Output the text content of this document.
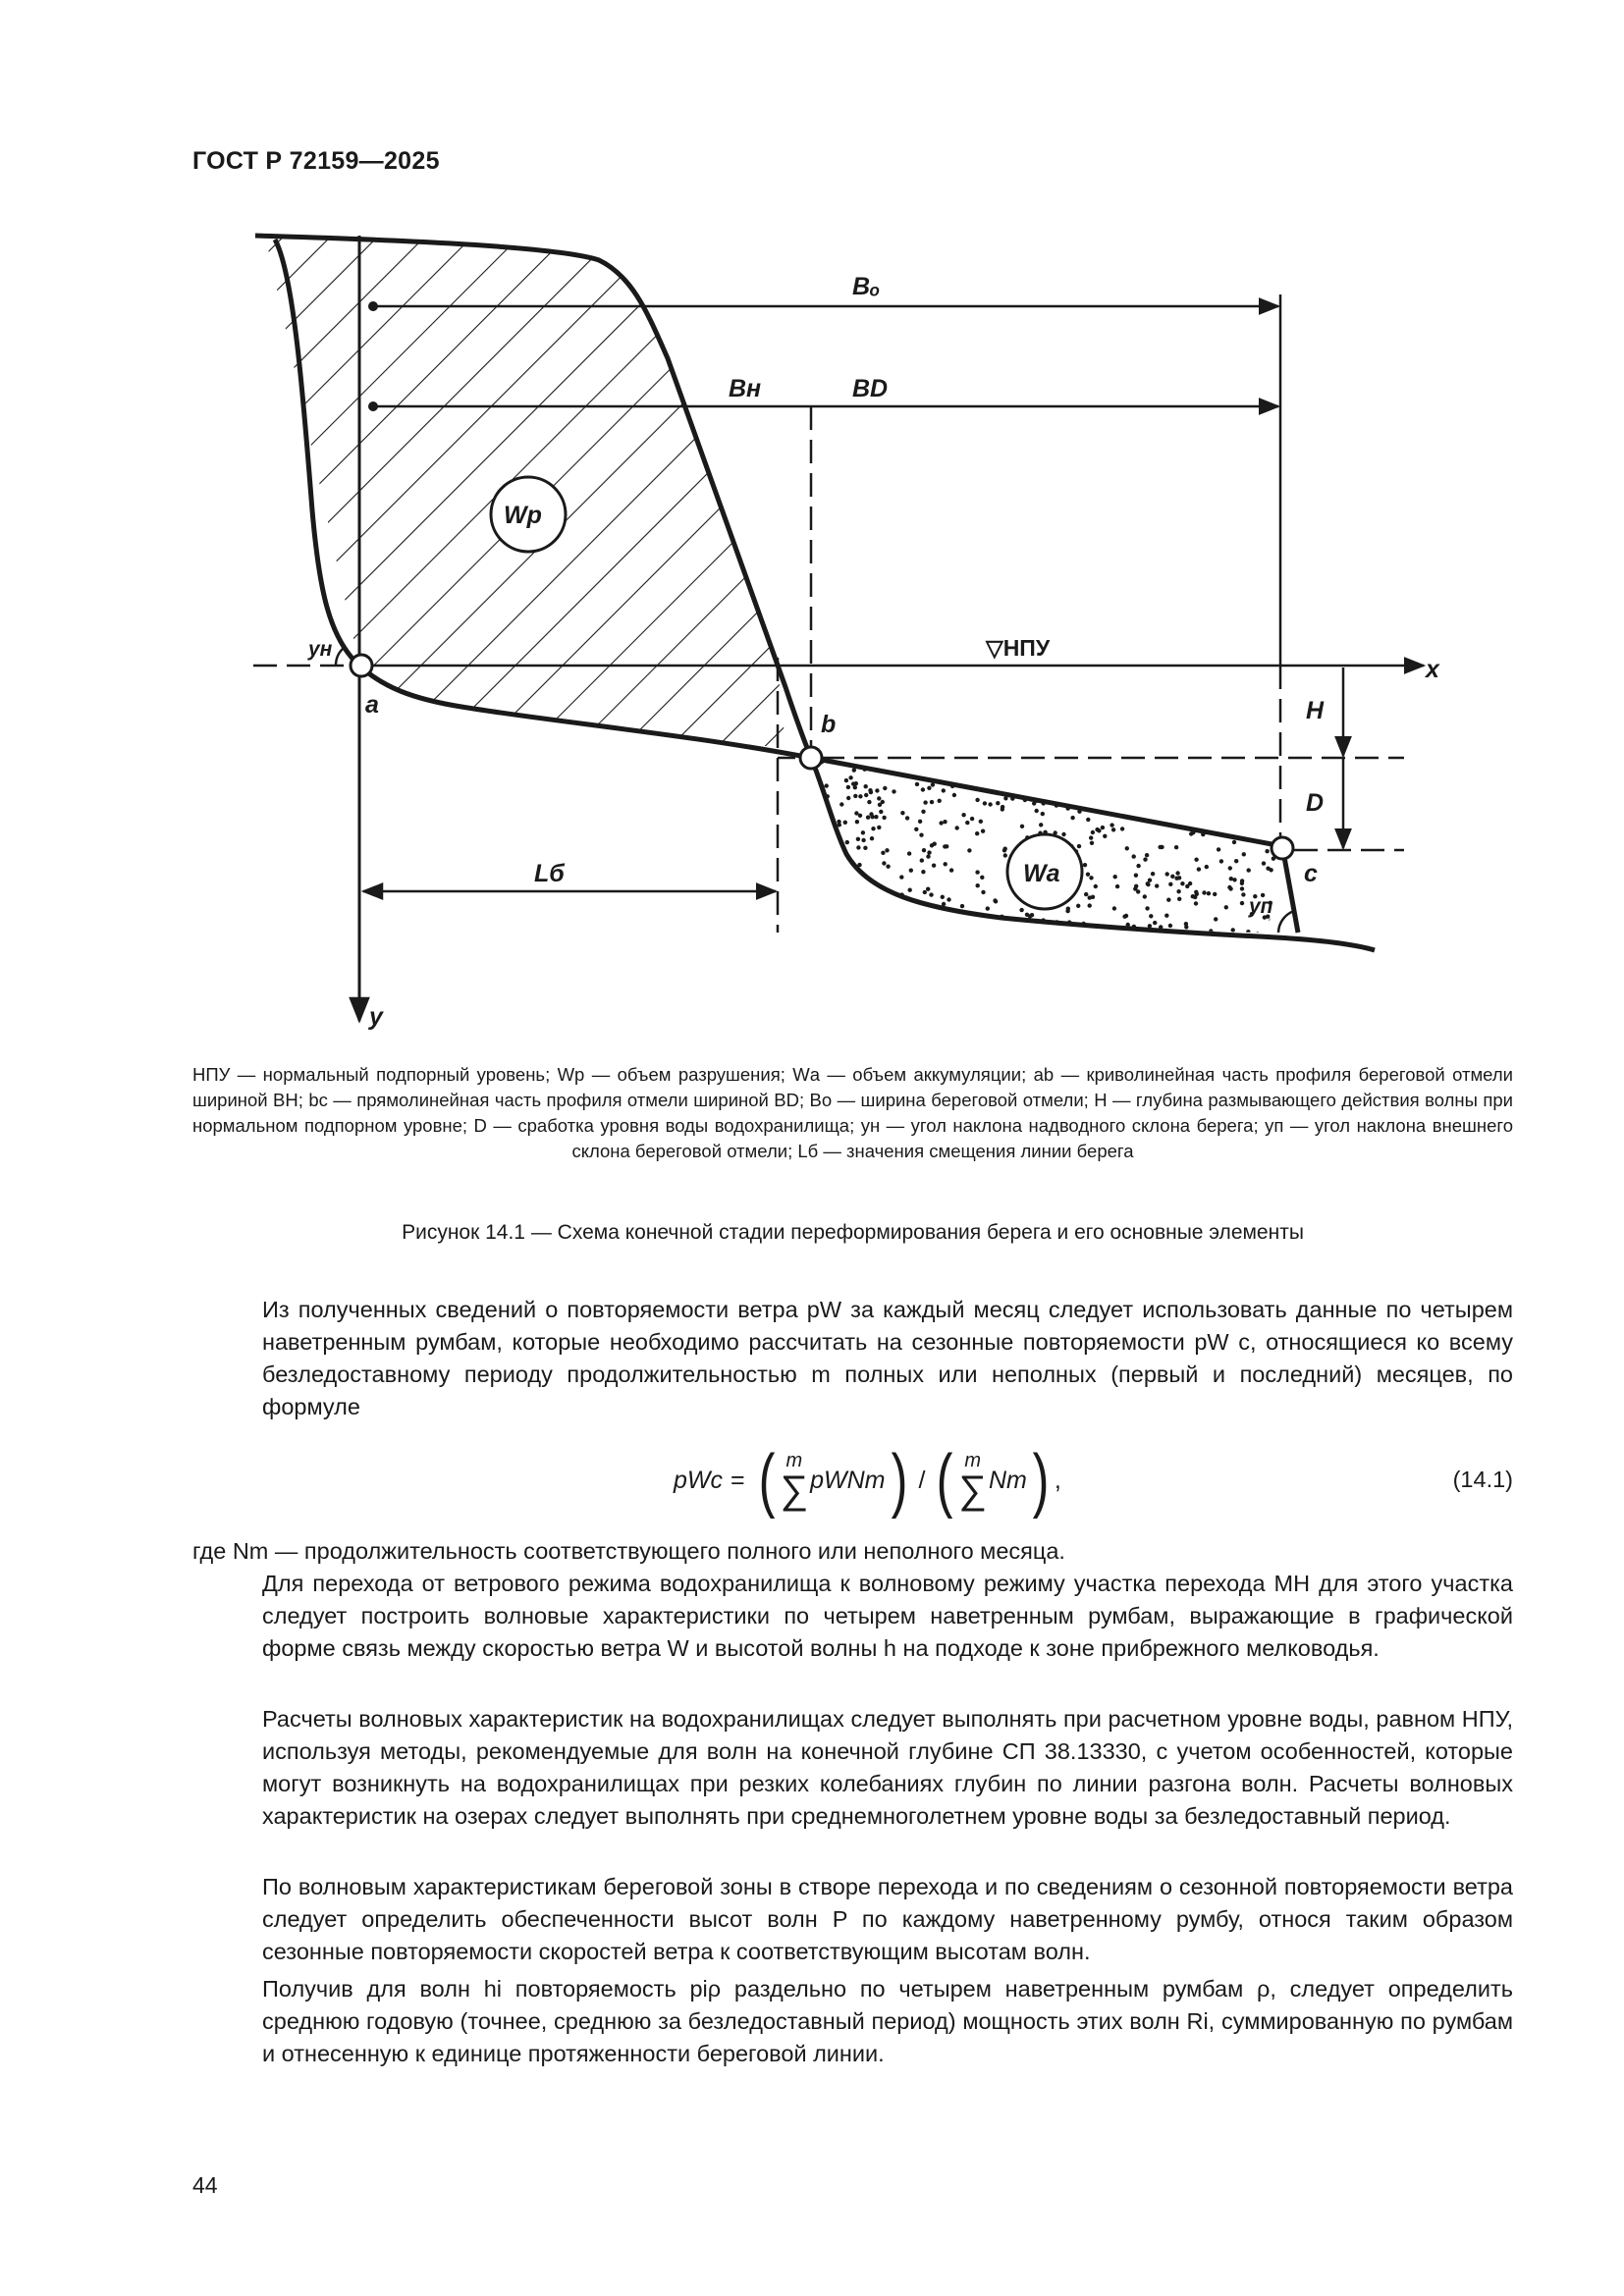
ГОСТ Р 72159—2025
Bₒ
Bн	BD
Wр
Wа
x
y
a
b
c
yн
yп
H
D
Lб
▽НПУ
НПУ — нормальный подпорный уровень; Wр — объем разрушения; Wа — объем аккумуляции; ab — криволинейная часть профиля береговой отмели шириной BH; bc — прямолинейная часть профиля отмели шириной BD; Bо — ширина береговой отмели; H — глубина размывающего действия волны при нормальном подпорном уровне; D — сработка уровня воды водохранилища; yн — угол наклона надводного склона берега; yп — угол наклона внешнего склона береговой отмели; Lб — значения смещения линии берега
Рисунок 14.1 — Схема конечной стадии переформирования берега и его основные элементы
Из полученных сведений о повторяемости ветра pW за каждый месяц следует использовать данные по четырем наветренным румбам, которые необходимо рассчитать на сезонные повторяемости pW c, относящиеся ко всему безледоставному периоду продолжительностью m полных или неполных (первый и последний) месяцев, по формуле
pWc = ( m
∑ pWNm ) / ( m
∑ Nm ) ,	(14.1)
где Nm — продолжительность соответствующего полного или неполного месяца.
Для перехода от ветрового режима водохранилища к волновому режиму участка перехода МН для этого участка следует построить волновые характеристики по четырем наветренным румбам, выражающие в графической форме связь между скоростью ветра W и высотой волны h на подходе к зоне прибрежного мелководья.
Расчеты волновых характеристик на водохранилищах следует выполнять при расчетном уровне воды, равном НПУ, используя методы, рекомендуемые для волн на конечной глубине СП 38.13330, с учетом особенностей, которые могут возникнуть на водохранилищах при резких колебаниях глубин по линии разгона волн. Расчеты волновых характеристик на озерах следует выполнять при среднемноголетнем уровне воды за безледоставный период.
По волновым характеристикам береговой зоны в створе перехода и по сведениям о сезонной повторяемости ветра следует определить обеспеченности высот волн P по каждому наветренному румбу, относя таким образом сезонные повторяемости скоростей ветра к соответствующим высотам волн.
Получив для волн hi повторяемость piρ раздельно по четырем наветренным румбам ρ, следует определить среднюю годовую (точнее, среднюю за безледоставный период) мощность этих волн Ri, суммированную по румбам и отнесенную к единице протяженности береговой линии.
44
